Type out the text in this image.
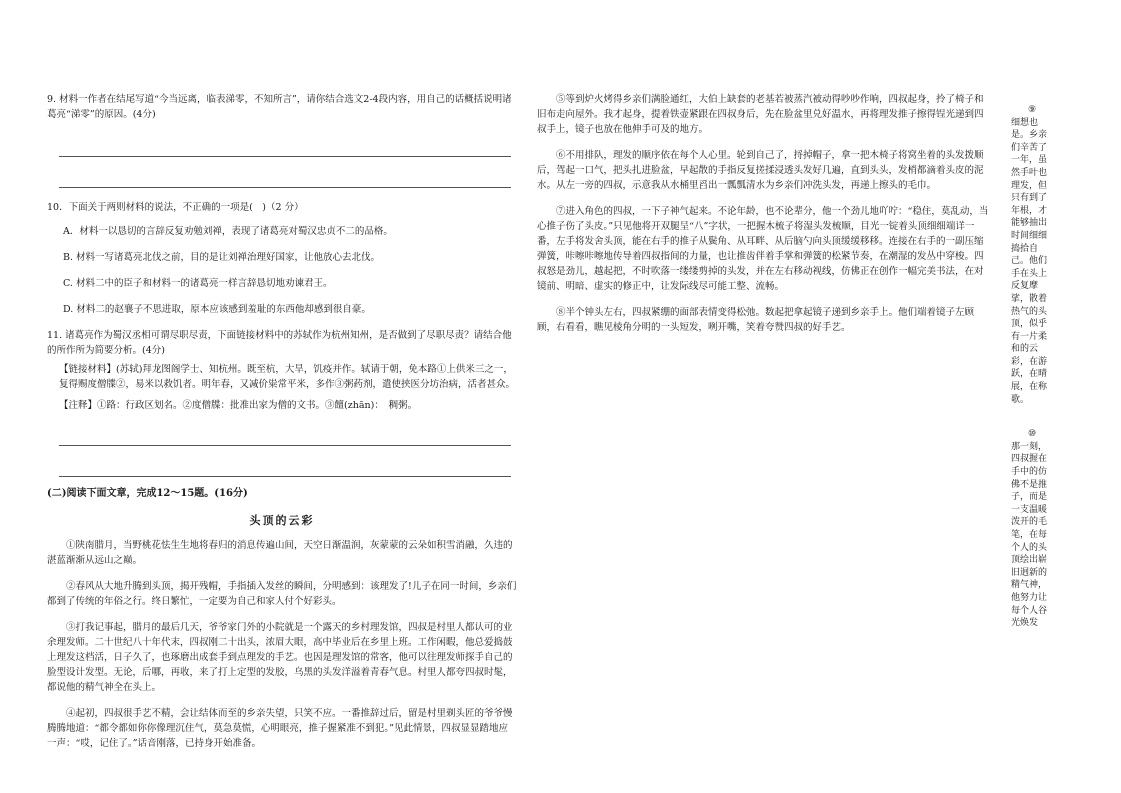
9. 材料一作者在结尾写道“今当远离，临表涕零，不知所言”，请你结合选文2-4段内容，用自己的话概括说明诸葛亮“涕零”的原因。(4分)

10．下面关于两则材料的说法，不正确的一项是(　)（2 分）

A．材料一以恳切的言辞反复劝勉刘禅，表现了诸葛亮对蜀汉忠贞不二的品格。

B. 材料一写诸葛亮北伐之前，目的是让刘禅治理好国家，让他放心去北伐。

C. 材料二中的臣子和材料一的诸葛亮一样言辞恳切地劝谏君王。

D. 材料二的赵襄子不思进取，原本应该感到羞耻的东西他却感到很自豪。

11. 诸葛亮作为蜀汉丞相可谓尽职尽责，下面链接材料中的苏轼作为杭州知州，是否做到了尽职尽责？请结合他的所作所为简要分析。(4分)

【链接材料】(苏轼)拜龙图阁学士、知杭州。既至杭，大旱，饥疫并作。轼请于朝，免本路①上供米三之一，复得赐度僧牒②，易米以救饥者。明年春，又减价粜常平米，多作③粥药剂，遣使挟医分坊治病，活者甚众。

【注释】①路：行政区划名。②度僧牒：批准出家为僧的文书。③饘(zhān)：　稠粥。

(二)阅读下面文章，完成12～15题。(16分)

头顶的云彩

①陕南腊月，当野桃花怯生生地将春归的消息传遍山间，天空日渐温润，灰蒙蒙的云朵如积雪消融，久违的湛蓝渐渐从远山之巅。

②春风从大地升腾到头顶，揭开残帽，手指插入发丝的瞬间，分明感到：该理发了!儿子在同一时间，乡亲们都到了传统的年俗之行。终日繁忙，一定要为自己和家人付个好彩头。

③打我记事起，腊月的最后几天，爷爷家门外的小院就是一个露天的乡村理发馆，四叔是村里人都认可的业余理发师。二十世纪八十年代末，四叔刚二十出头，浓眉大眼，高中毕业后在乡里上班。工作闲暇，他总爱捣鼓上理发这档活，日子久了，也琢磨出成套手到点理发的手艺。也因是理发馆的常客，他可以往理发师探手自己的脸型设计发型。无论，后哪，再收，来了打上定型的发胶，乌黑的头发洋溢着青春气息。村里人都夸四叔时髦，都说他的精气神全在头上。

④起初，四叔很手艺不精，会让结体而至的乡亲失望，只笑不应。一番推辞过后，留是村里剃头匠的爷爷慢腾腾地道：“都令都如你你像理沉住气，莫急莫慌，心明眼亮，推子握紧准不到犯。”见此情景，四叔显显踏地应一声：“哎，记住了。”话音刚落，已持身开始准备。

⑤等到炉火烤得乡亲们满脸通红，大伯上缺套的老基若被蒸汽被动得吵吵作响，四叔起身，拎了椅子和旧布走向屋外。我才起身，提着铁壶紧跟在四叔身后，先在脸盆里兑好温水，再将理发推子擦得锃光递到四叔手上，镜子也放在他伸手可及的地方。

⑥不用排队，理发的顺序依在每个人心里。轮到自己了，捋掉帽子，拿一把木椅子将窝坐着的头发拨顺后，驾起一口气，把头扎进脸盆，早起散的手指反复搓揉浸透头发好几遍，直到头头，发梢都滴着头皮的泥水。从左一旁的四叔，示意我从水桶里舀出一瓢瓢清水为乡亲们冲洗头发，再递上擦头的毛巾。

⑦进入角色的四叔，一下子神气起来。不论年龄，也不论辈分，他一个劲儿地吖咛：“稳住，莫乱动，当心推子伤了头皮。”只见他将开双腿呈“八”字状，一把握木梳子将湿头发梳顺，目光一锭着头顶细细端详一番，左手将发舍头顶，能在右手的推子从鬓角、从耳畔、从后脑勺向头顶缓缓移移。连接在右手的一副压缩弹簧，咔嚓咔嚓地传导着四叔指间的力量，也让推齿伴着手掌和弹簧的松紧节奏，在潮湿的发丛中穿梭。四叔怒是劲儿，越起把，不时吹落一缕缕剪掉的头发，并在左右移动视线，仿佛正在创作一幅完美书法，在对镜前、明暗、虚实的修正中，让发际线尽可能工整、流畅。

⑧半个钟头左右，四叔紧绷的面部表情变得松弛。数起把拿起镜子递到乡亲手上。他们端着镜子左顾顾，右看看，瞧见棱角分明的一头短发，咧开嘴，笑着夸赞四叔的好手艺。

⑨
细想也是。乡亲们辛苦了一年，虽然手叶也理发，但只有到了年根，才能够抽出时间细细捣拾自己。他们手在头上反复摩挲，散着热气的头顶，似乎有一片柔和的云彩，在游跃，在晴展，在称歌。
⑩
那一刻，四叔握在手中的仿佛不是推子，而是一支温暖泼开的毛笔，在每个人的头顶绘出崭旧迥新的精气神，他努力让每个人谷光焕发
